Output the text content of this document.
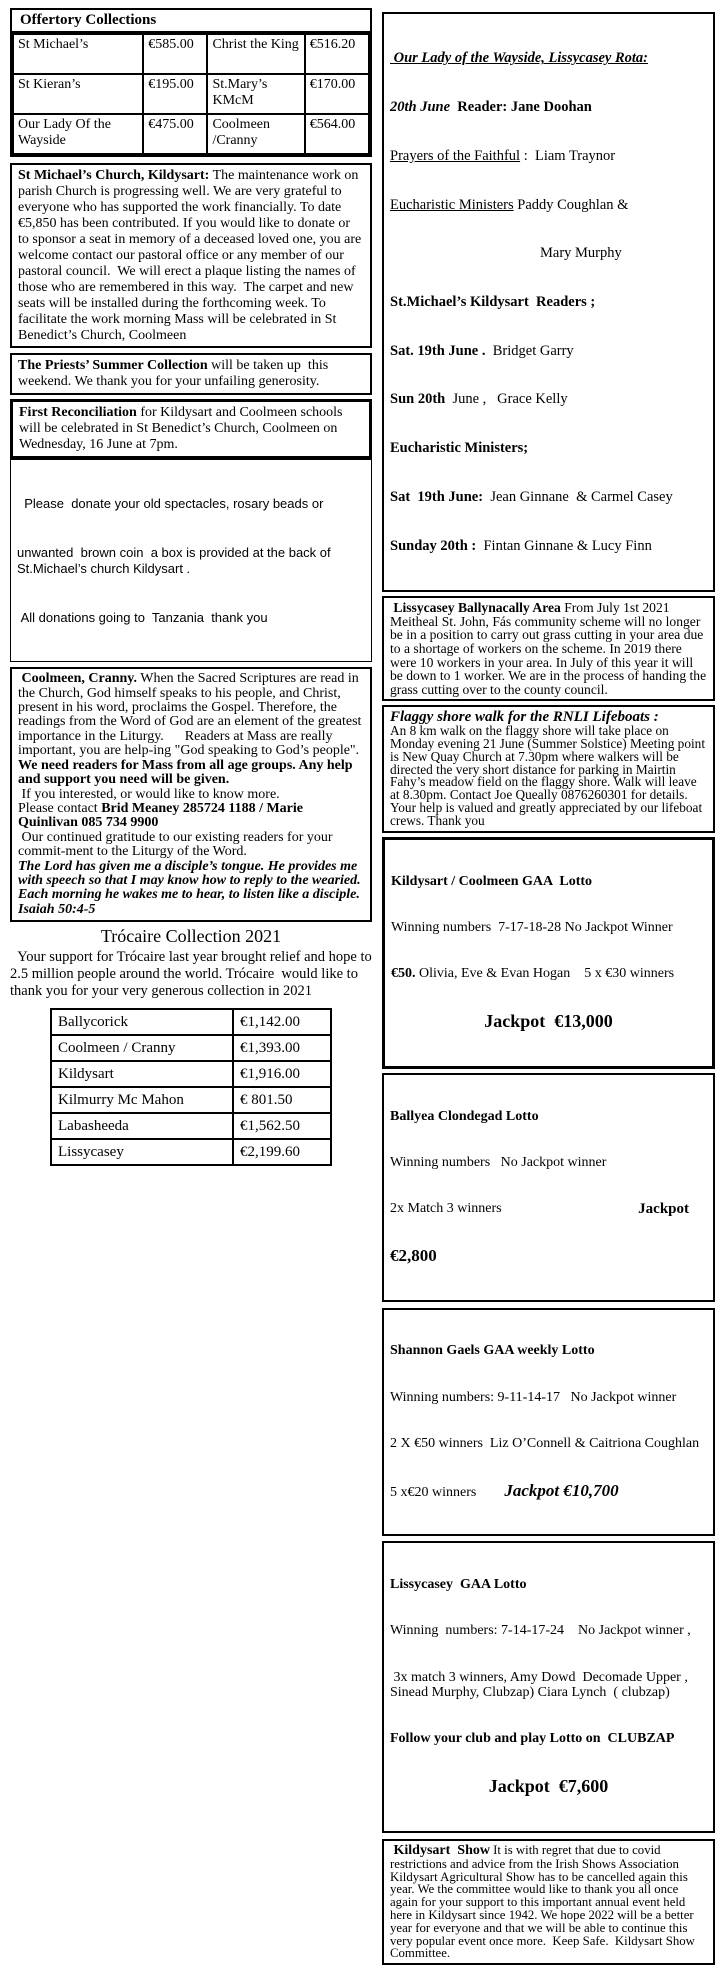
Offertory Collections
St Michael’s	€585.00	Christ the King	€516.20
St Kieran’s	€195.00	St.Mary’s KMcM	€170.00
Our Lady Of the Wayside	€475.00	Coolmeen /Cranny	€564.00
St Michael’s Church, Kildysart: The maintenance work on parish Church is progressing well. We are very grateful to everyone who has supported the work financially. To date €5,850 has been contributed. If you would like to donate or to sponsor a seat in memory of a deceased loved one, you are welcome contact our pastoral office or any member of our pastoral council.  We will erect a plaque listing the names of those who are remembered in this way.  The carpet and new seats will be installed during the forthcoming week. To facilitate the work morning Mass will be celebrated in St Benedict’s Church, Coolmeen
The Priests’ Summer Collection will be taken up  this weekend. We thank you for your unfailing generosity.
First Reconciliation for Kildysart and Coolmeen schools will be celebrated in St Benedict’s Church, Coolmeen on Wednesday, 16 June at 7pm.

Please  donate your old spectacles, rosary beads or

unwanted  brown coin  a box is provided at the back of  St.Michael’s church Kildysart .

All donations going to  Tanzania  thank you

Coolmeen, Cranny. When the Sacred Scriptures are read in the Church, God himself speaks to his people, and Christ, present in his word, proclaims the Gospel. Therefore, the readings from the Word of God are an element of the greatest importance in the Liturgy.      Readers at Mass are really important, you are help-ing "God speaking to God’s people".
We need readers for Mass from all age groups. Any help and support you need will be given.
If you interested, or would like to know more.
Please contact Brid Meaney 285724 1188 / Marie Quinlivan 085 734 9900
Our continued gratitude to our existing readers for your commit-ment to the Liturgy of the Word.
The Lord has given me a disciple’s tongue. He provides me with speech so that I may know how to reply to the wearied. Each morning he wakes me to hear, to listen like a disciple. Isaiah 50:4-5
Trócaire Collection 2021
Your support for Trócaire last year brought relief and hope to 2.5 million people around the world. Trócaire  would like to thank you for your very generous collection in 2021
Ballycorick	€1,142.00
Coolmeen / Cranny	€1,393.00
Kildysart	€1,916.00
Kilmurry Mc Mahon	€ 801.50
Labasheeda	€1,562.50
Lissycasey	€2,199.60

Our Lady of the Wayside, Lissycasey Rota:

20th June  Reader: Jane Doohan

Prayers of the Faithful :  Liam Traynor

Eucharistic Ministers Paddy Coughlan &

Mary Murphy

St.Michael’s Kildysart  Readers ;

Sat. 19th June .  Bridget Garry

Sun 20th  June ,   Grace Kelly

Eucharistic Ministers;

Sat  19th June:  Jean Ginnane  & Carmel Casey

Sunday 20th :  Fintan Ginnane & Lucy Finn

Lissycasey Ballynacally Area From July 1st 2021 Meitheal St. John, Fás community scheme will no longer be in a position to carry out grass cutting in your area due to a shortage of workers on the scheme. In 2019 there were 10 workers in your area. In July of this year it will be down to 1 worker. We are in the process of handing the grass cutting over to the county council.
Flaggy shore walk for the RNLI Lifeboats :
An 8 km walk on the flaggy shore will take place on Monday evening 21 June (Summer Solstice) Meeting point is New Quay Church at 7.30pm where walkers will be directed the very short distance for parking in Mairtin Fahy’s meadow field on the flaggy shore. Walk will leave at 8.30pm. Contact Joe Queally 0876260301 for details. Your help is valued and greatly appreciated by our lifeboat crews. Thank you

Kildysart / Coolmeen GAA  Lotto

Winning numbers  7-17-18-28 No Jackpot Winner

€50. Olivia, Eve & Evan Hogan    5 x €30 winners

Jackpot  €13,000

Ballyea Clondegad Lotto

Winning numbers   No Jackpot winner

Jackpot
2x Match 3 winners

€2,800

Shannon Gaels GAA weekly Lotto

Winning numbers: 9-11-14-17   No Jackpot winner

2 X €50 winners  Liz O’Connell & Caitriona Coughlan

5 x€20 winners Jackpot €10,700

Lissycasey  GAA Lotto

Winning  numbers: 7-14-17-24    No Jackpot winner ,

3x match 3 winners, Amy Dowd  Decomade Upper , Sinead Murphy, Clubzap) Ciara Lynch  ( clubzap)

Follow your club and play Lotto on  CLUBZAP

Jackpot  €7,600

Kildysart  Show It is with regret that due to covid restrictions and advice from the Irish Shows Association Kildysart Agricultural Show has to be cancelled again this year. We the committee would like to thank you all once again for your support to this important annual event held here in Kildysart since 1942. We hope 2022 will be a better year for everyone and that we will be able to continue this very popular event once more.  Keep Safe.  Kildysart Show Committee.
